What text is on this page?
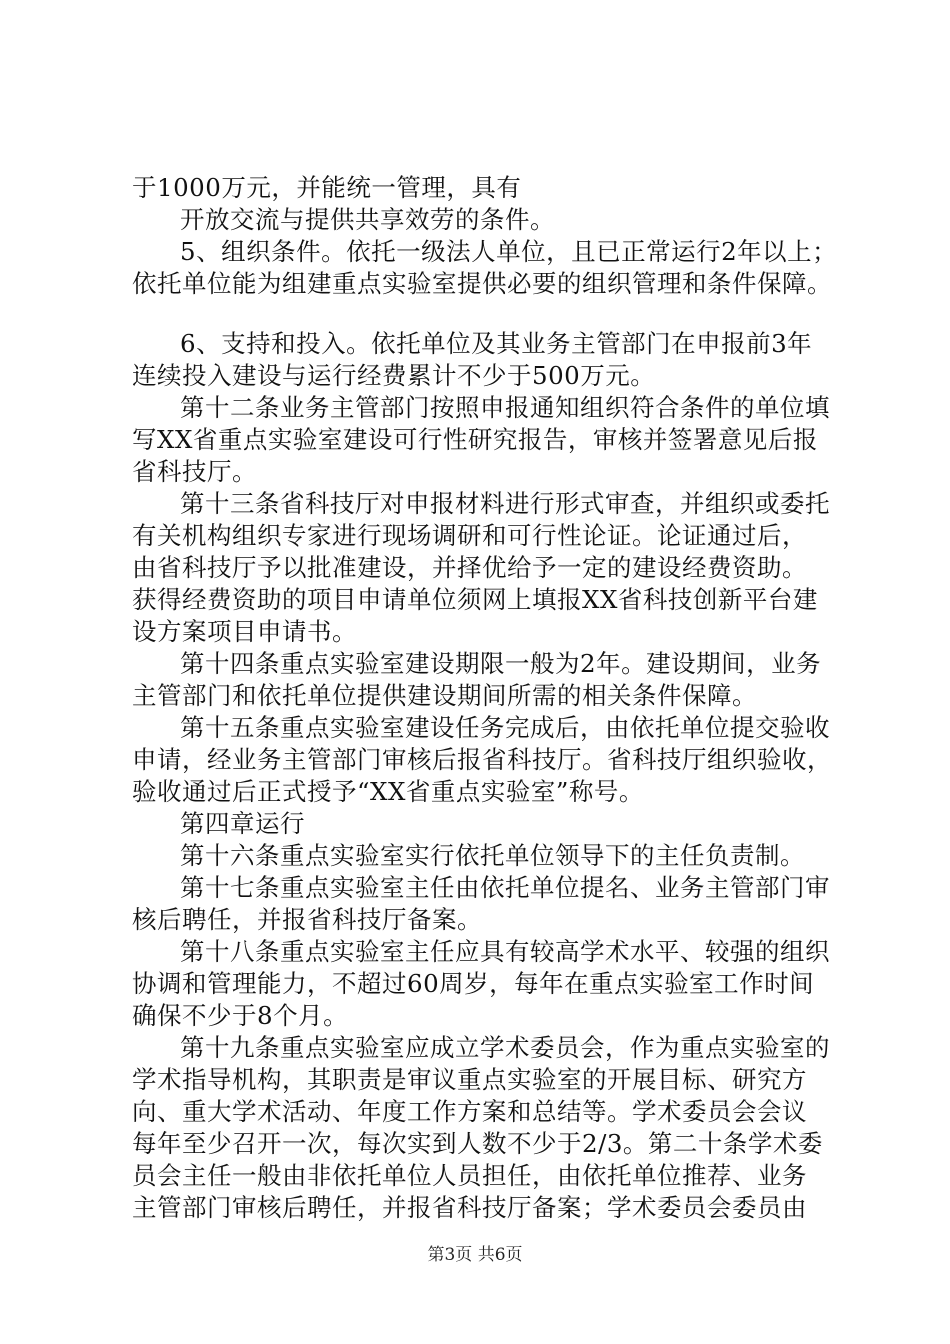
于1000万元，并能统一管理，具有
开放交流与提供共享效劳的条件。
5、组织条件。依托一级法人单位，且已正常运行2年以上；
依托单位能为组建重点实验室提供必要的组织管理和条件保障。
6、支持和投入。依托单位及其业务主管部门在申报前3年
连续投入建设与运行经费累计不少于500万元。
第十二条业务主管部门按照申报通知组织符合条件的单位填
写XX省重点实验室建设可行性研究报告，审核并签署意见后报
省科技厅。
第十三条省科技厅对申报材料进行形式审查，并组织或委托
有关机构组织专家进行现场调研和可行性论证。论证通过后，
由省科技厅予以批准建设，并择优给予一定的建设经费资助。
获得经费资助的项目申请单位须网上填报XX省科技创新平台建
设方案项目申请书。
第十四条重点实验室建设期限一般为2年。建设期间，业务
主管部门和依托单位提供建设期间所需的相关条件保障。
第十五条重点实验室建设任务完成后，由依托单位提交验收
申请，经业务主管部门审核后报省科技厅。省科技厅组织验收，
验收通过后正式授予“XX省重点实验室”称号。
第四章运行
第十六条重点实验室实行依托单位领导下的主任负责制。
第十七条重点实验室主任由依托单位提名、业务主管部门审
核后聘任，并报省科技厅备案。
第十八条重点实验室主任应具有较高学术水平、较强的组织
协调和管理能力，不超过60周岁，每年在重点实验室工作时间
确保不少于8个月。
第十九条重点实验室应成立学术委员会，作为重点实验室的
学术指导机构，其职责是审议重点实验室的开展目标、研究方
向、重大学术活动、年度工作方案和总结等。学术委员会会议
每年至少召开一次，每次实到人数不少于2/3。第二十条学术委
员会主任一般由非依托单位人员担任，由依托单位推荐、业务
主管部门审核后聘任，并报省科技厅备案；学术委员会委员由
第3页 共6页
